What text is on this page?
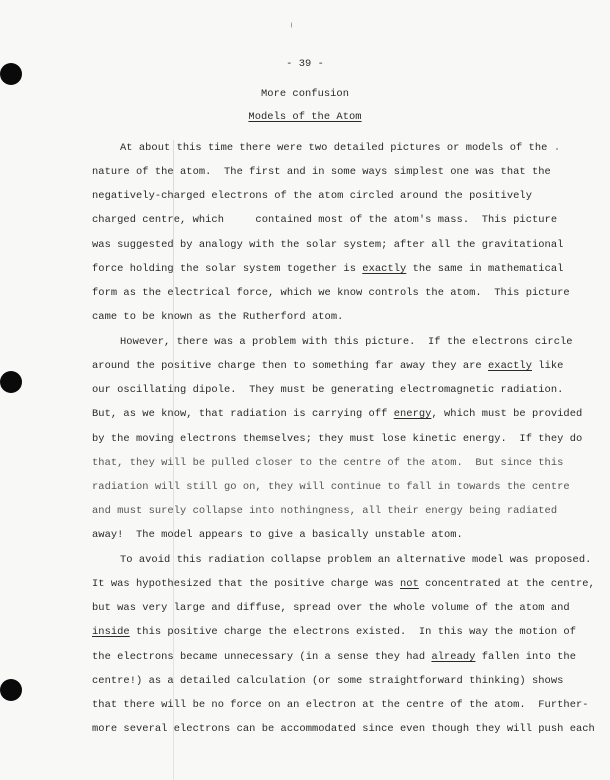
- 39 -
More confusion
Models of the Atom
At about this time there were two detailed pictures or models of the
nature of the atom.  The first and in some ways simplest one was that the
negatively-charged electrons of the atom circled around the positively
charged centre, which     contained most of the atom's mass.  This picture
was suggested by analogy with the solar system; after all the gravitational
force holding the solar system together is exactly the same in mathematical
form as the electrical force, which we know controls the atom.  This picture
came to be known as the Rutherford atom.
However, there was a problem with this picture.  If the electrons circle
around the positive charge then to something far away they are exactly like
our oscillating dipole.  They must be generating electromagnetic radiation.
But, as we know, that radiation is carrying off energy, which must be provided
by the moving electrons themselves; they must lose kinetic energy.  If they do
that, they will be pulled closer to the centre of the atom.  But since this
radiation will still go on, they will continue to fall in towards the centre
and must surely collapse into nothingness, all their energy being radiated
away!  The model appears to give a basically unstable atom.
To avoid this radiation collapse problem an alternative model was proposed.
It was hypothesized that the positive charge was not concentrated at the centre,
but was very large and diffuse, spread over the whole volume of the atom and
inside this positive charge the electrons existed.  In this way the motion of
the electrons became unnecessary (in a sense they had already fallen into the
centre!) as a detailed calculation (or some straightforward thinking) shows
that there will be no force on an electron at the centre of the atom.  Further-
more several electrons can be accommodated since even though they will push each
